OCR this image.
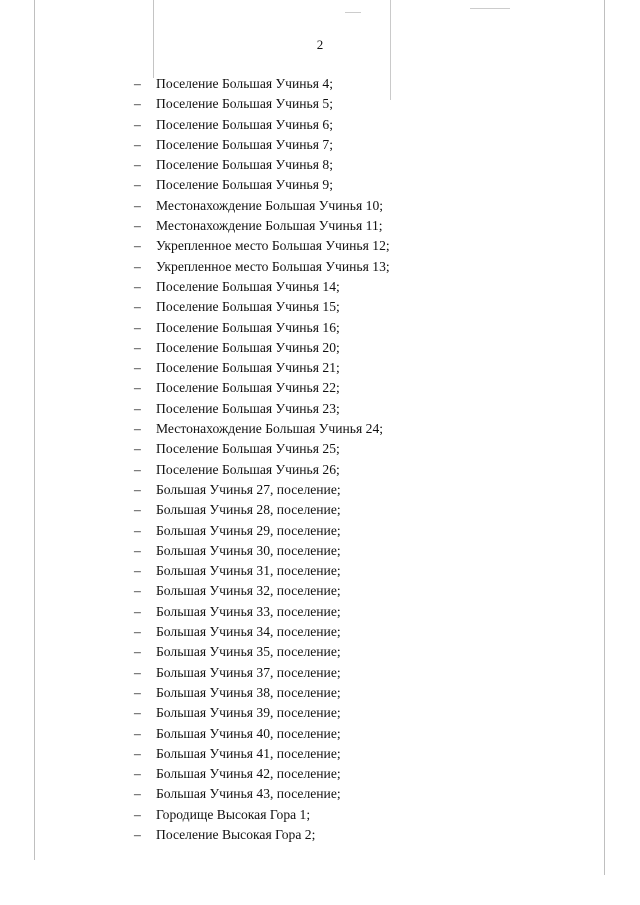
2
–	Поселение Большая Учинья 4;
–	Поселение Большая Учинья 5;
–	Поселение Большая Учинья 6;
–	Поселение Большая Учинья 7;
–	Поселение Большая Учинья 8;
–	Поселение Большая Учинья 9;
–	Местонахождение Большая Учинья 10;
–	Местонахождение Большая Учинья 11;
–	Укрепленное место Большая Учинья 12;
–	Укрепленное место Большая Учинья 13;
–	Поселение Большая Учинья 14;
–	Поселение Большая Учинья 15;
–	Поселение Большая Учинья 16;
–	Поселение Большая Учинья 20;
–	Поселение Большая Учинья 21;
–	Поселение Большая Учинья 22;
–	Поселение Большая Учинья 23;
–	Местонахождение Большая Учинья 24;
–	Поселение Большая Учинья 25;
–	Поселение Большая Учинья 26;
–	Большая Учинья 27, поселение;
–	Большая Учинья 28, поселение;
–	Большая Учинья 29, поселение;
–	Большая Учинья 30, поселение;
–	Большая Учинья 31, поселение;
–	Большая Учинья 32, поселение;
–	Большая Учинья 33, поселение;
–	Большая Учинья 34, поселение;
–	Большая Учинья 35, поселение;
–	Большая Учинья 37, поселение;
–	Большая Учинья 38, поселение;
–	Большая Учинья 39, поселение;
–	Большая Учинья 40, поселение;
–	Большая Учинья 41, поселение;
–	Большая Учинья 42, поселение;
–	Большая Учинья 43, поселение;
–	Городище Высокая Гора 1;
–	Поселение Высокая Гора 2;
